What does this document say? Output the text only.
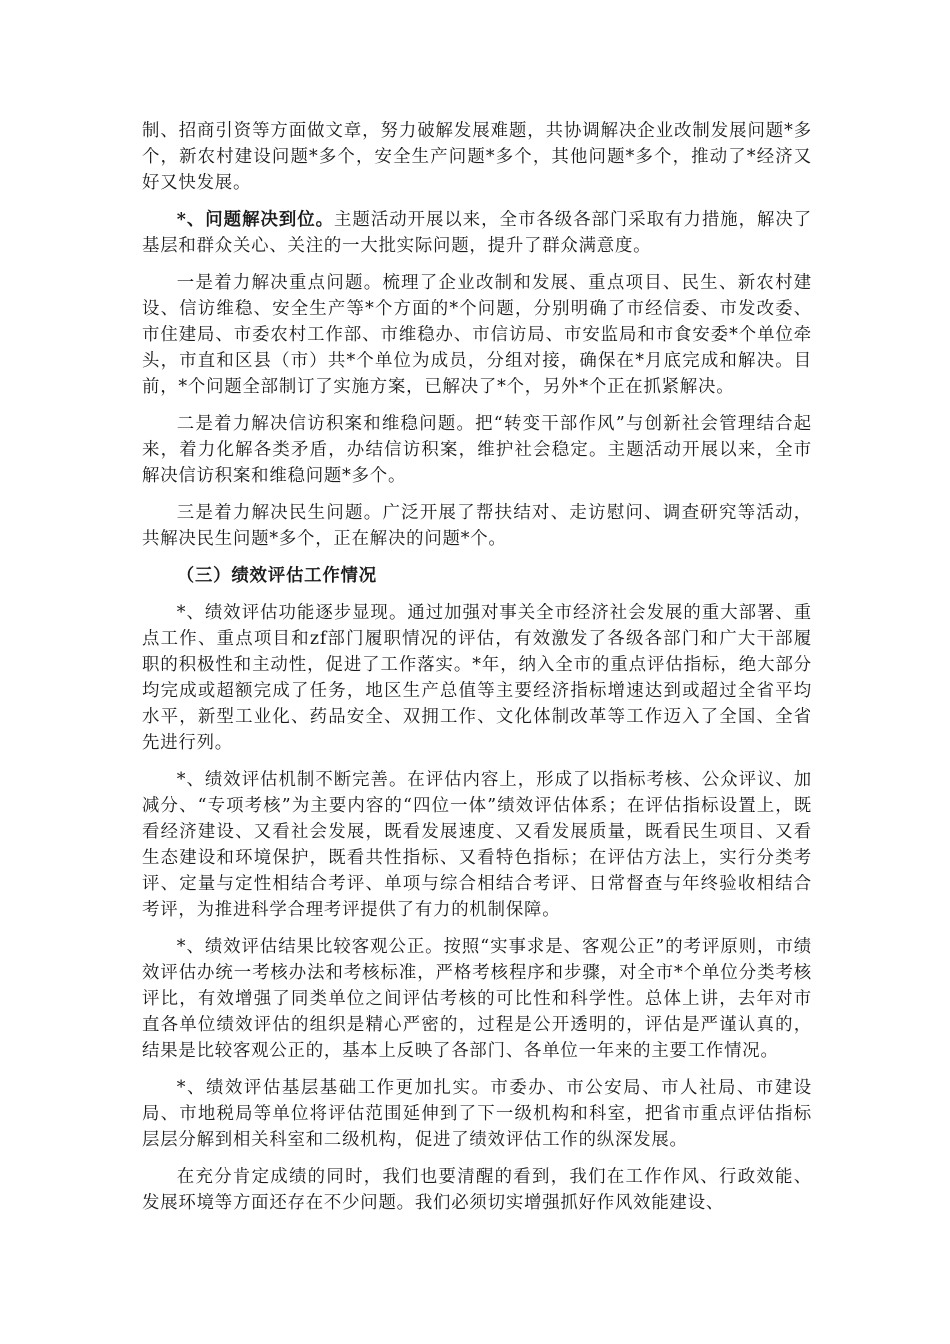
制、招商引资等方面做文章，努力破解发展难题，共协调解决企业改制发展问题*多个，新农村建设问题*多个，安全生产问题*多个，其他问题*多个，推动了*经济又好又快发展。

*、问题解决到位。主题活动开展以来，全市各级各部门采取有力措施，解决了基层和群众关心、关注的一大批实际问题，提升了群众满意度。

一是着力解决重点问题。梳理了企业改制和发展、重点项目、民生、新农村建设、信访维稳、安全生产等*个方面的*个问题，分别明确了市经信委、市发改委、市住建局、市委农村工作部、市维稳办、市信访局、市安监局和市食安委*个单位牵头，市直和区县（市）共*个单位为成员，分组对接，确保在*月底完成和解决。目前，*个问题全部制订了实施方案，已解决了*个，另外*个正在抓紧解决。

二是着力解决信访积案和维稳问题。把“转变干部作风”与创新社会管理结合起来，着力化解各类矛盾，办结信访积案，维护社会稳定。主题活动开展以来，全市解决信访积案和维稳问题*多个。

三是着力解决民生问题。广泛开展了帮扶结对、走访慰问、调查研究等活动，共解决民生问题*多个，正在解决的问题*个。

（三）绩效评估工作情况

*、绩效评估功能逐步显现。通过加强对事关全市经济社会发展的重大部署、重点工作、重点项目和zf部门履职情况的评估，有效激发了各级各部门和广大干部履职的积极性和主动性，促进了工作落实。*年，纳入全市的重点评估指标，绝大部分均完成或超额完成了任务，地区生产总值等主要经济指标增速达到或超过全省平均水平，新型工业化、药品安全、双拥工作、文化体制改革等工作迈入了全国、全省先进行列。

*、绩效评估机制不断完善。在评估内容上，形成了以指标考核、公众评议、加减分、“专项考核”为主要内容的“四位一体”绩效评估体系；在评估指标设置上，既看经济建设、又看社会发展，既看发展速度、又看发展质量，既看民生项目、又看生态建设和环境保护，既看共性指标、又看特色指标；在评估方法上，实行分类考评、定量与定性相结合考评、单项与综合相结合考评、日常督查与年终验收相结合考评，为推进科学合理考评提供了有力的机制保障。

*、绩效评估结果比较客观公正。按照“实事求是、客观公正”的考评原则，市绩效评估办统一考核办法和考核标准，严格考核程序和步骤，对全市*个单位分类考核评比，有效增强了同类单位之间评估考核的可比性和科学性。总体上讲，去年对市直各单位绩效评估的组织是精心严密的，过程是公开透明的，评估是严谨认真的，结果是比较客观公正的，基本上反映了各部门、各单位一年来的主要工作情况。

*、绩效评估基层基础工作更加扎实。市委办、市公安局、市人社局、市建设局、市地税局等单位将评估范围延伸到了下一级机构和科室，把省市重点评估指标层层分解到相关科室和二级机构，促进了绩效评估工作的纵深发展。

在充分肯定成绩的同时，我们也要清醒的看到，我们在工作作风、行政效能、发展环境等方面还存在不少问题。我们必须切实增强抓好作风效能建设、
